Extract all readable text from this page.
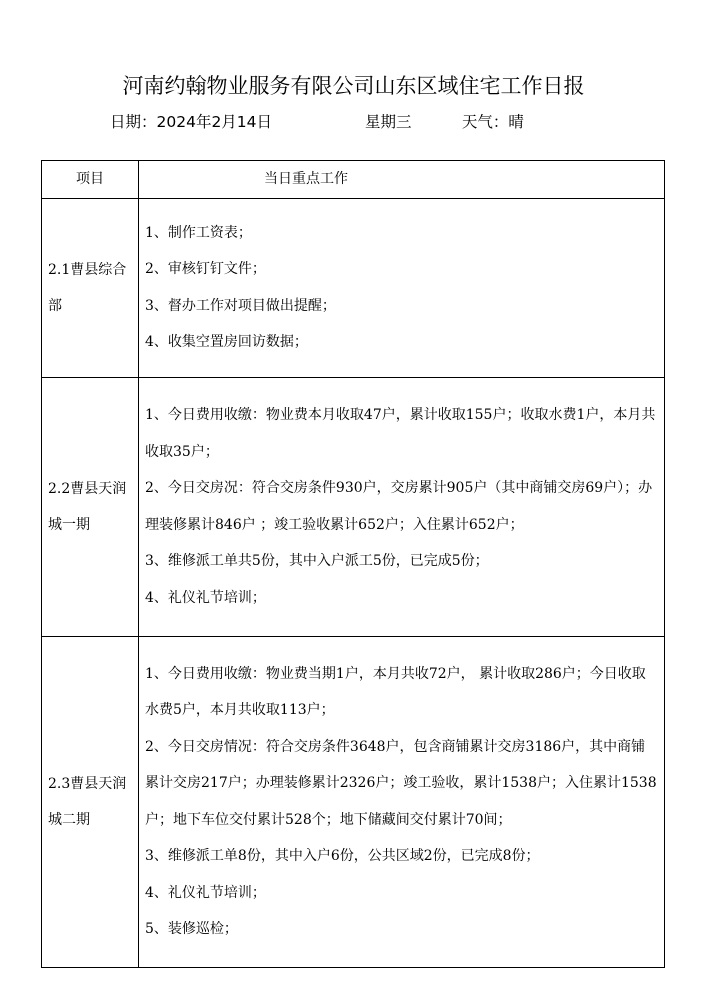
河南约翰物业服务有限公司山东区域住宅工作日报
日期：2024年2月14日	星期三	天气：晴
项目	当日重点工作
2.1曹县综合部	1、制作工资表；
2、审核钉钉文件；
3、督办工作对项目做出提醒；
4、收集空置房回访数据；

2.2曹县天润城一期	1、今日费用收缴：物业费本月收取47户，累计收取155户；收取水费1户，本月共收取35户；
2、今日交房况：符合交房条件930户，交房累计905户（其中商铺交房69户）；办理装修累计846户 ；竣工验收累计652户；入住累计652户；
3、维修派工单共5份，其中入户派工5份，已完成5份；
4、礼仪礼节培训；

2.3曹县天润城二期	1、今日费用收缴：物业费当期1户，本月共收72户， 累计收取286户；今日收取水费5户，本月共收取113户；
2、今日交房情况：符合交房条件3648户，包含商铺累计交房3186户，其中商铺累计交房217户；办理装修累计2326户；竣工验收，累计1538户；入住累计1538户；地下车位交付累计528个；地下储藏间交付累计70间；
3、维修派工单8份，其中入户6份，公共区域2份，已完成8份；
4、礼仪礼节培训；
5、装修巡检；
